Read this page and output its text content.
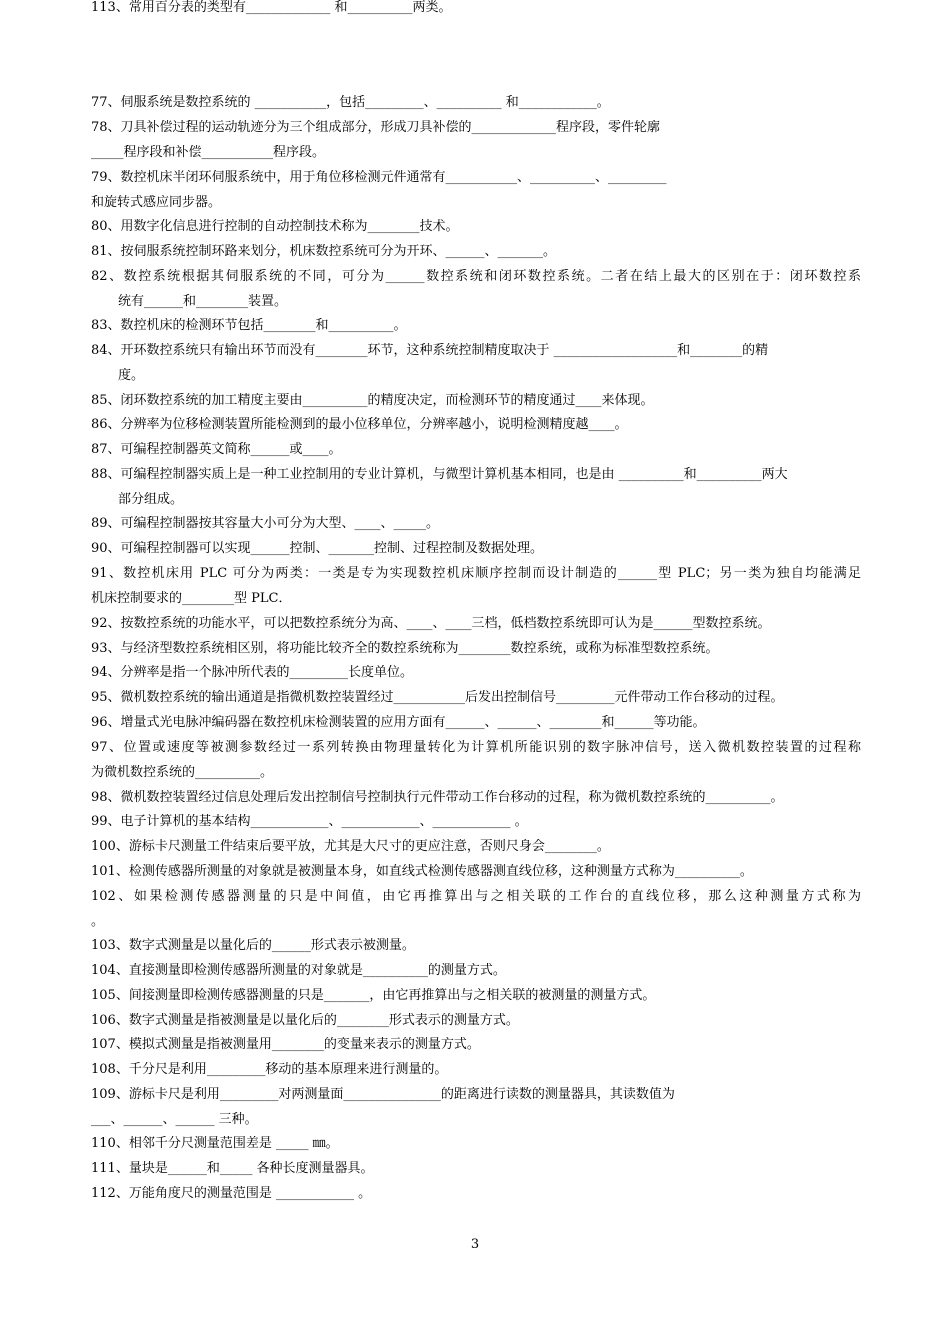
77、伺服系统是数控系统的 ___________，包括_________、__________ 和____________。
78、刀具补偿过程的运动轨迹分为三个组成部分，形成刀具补偿的_____________程序段，零件轮廓
_____程序段和补偿___________程序段。
79、数控机床半闭环伺服系统中，用于角位移检测元件通常有___________、__________、_________
和旋转式感应同步器。
80、用数字化信息进行控制的自动控制技术称为________技术。
81、按伺服系统控制环路来划分，机床数控系统可分为开环、______、_______。
82、数控系统根据其伺服系统的不同，可分为______数控系统和闭环数控系统。二者在结上最大的区别在于：闭环数控系
统有______和________装置。
83、数控机床的检测环节包括________和__________。
84、开环数控系统只有输出环节而没有________环节，这种系统控制精度取决于 ___________________和________的精
度。
85、闭环数控系统的加工精度主要由__________的精度决定，而检测环节的精度通过____来体现。
86、分辨率为位移检测装置所能检测到的最小位移单位，分辨率越小，说明检测精度越____。
87、可编程控制器英文简称______或____。
88、可编程控制器实质上是一种工业控制用的专业计算机，与微型计算机基本相同，也是由 __________和__________两大
部分组成。
89、可编程控制器按其容量大小可分为大型、____、_____。
90、可编程控制器可以实现______控制、_______控制、过程控制及数据处理。
91、数控机床用 PLC 可分为两类：一类是专为实现数控机床顺序控制而设计制造的______型 PLC；另一类为独自均能满足
机床控制要求的________型 PLC．
92、按数控系统的功能水平，可以把数控系统分为高、____、____三档，低档数控系统即可认为是______型数控系统。
93、与经济型数控系统相区别，将功能比较齐全的数控系统称为________数控系统，或称为标准型数控系统。
94、分辨率是指一个脉冲所代表的_________长度单位。
95、微机数控系统的输出通道是指微机数控装置经过___________后发出控制信号_________元件带动工作台移动的过程。
96、增量式光电脉冲编码器在数控机床检测装置的应用方面有______、______、________和______等功能。
97、位置或速度等被测参数经过一系列转换由物理量转化为计算机所能识别的数字脉冲信号，送入微机数控装置的过程称
为微机数控系统的__________。
98、微机数控装置经过信息处理后发出控制信号控制执行元件带动工作台移动的过程，称为微机数控系统的__________。
99、电子计算机的基本结构____________、____________、____________ 。
100、游标卡尺测量工件结束后要平放，尤其是大尺寸的更应注意，否则尺身会________。
101、检测传感器所测量的对象就是被测量本身，如直线式检测传感器测直线位移，这种测量方式称为__________。
102、如果检测传感器测量的只是中间值，由它再推算出与之相关联的工作台的直线位移，那么这种测量方式称为
。
103、数字式测量是以量化后的______形式表示被测量。
104、直接测量即检测传感器所测量的对象就是__________的测量方式。
105、间接测量即检测传感器测量的只是_______，由它再推算出与之相关联的被测量的测量方式。
106、数字式测量是指被测量是以量化后的________形式表示的测量方式。
107、模拟式测量是指被测量用________的变量来表示的测量方式。
108、千分尺是利用_________移动的基本原理来进行测量的。
109、游标卡尺是利用_________对两测量面_______________的距离进行读数的测量器具，其读数值为
___、______、______ 三种。
110、相邻千分尺测量范围差是 _____ ㎜。
111、量块是______和_____ 各种长度测量器具。
112、万能角度尺的测量范围是 ____________ 。
113、常用百分表的类型有_____________ 和__________两类。
3
